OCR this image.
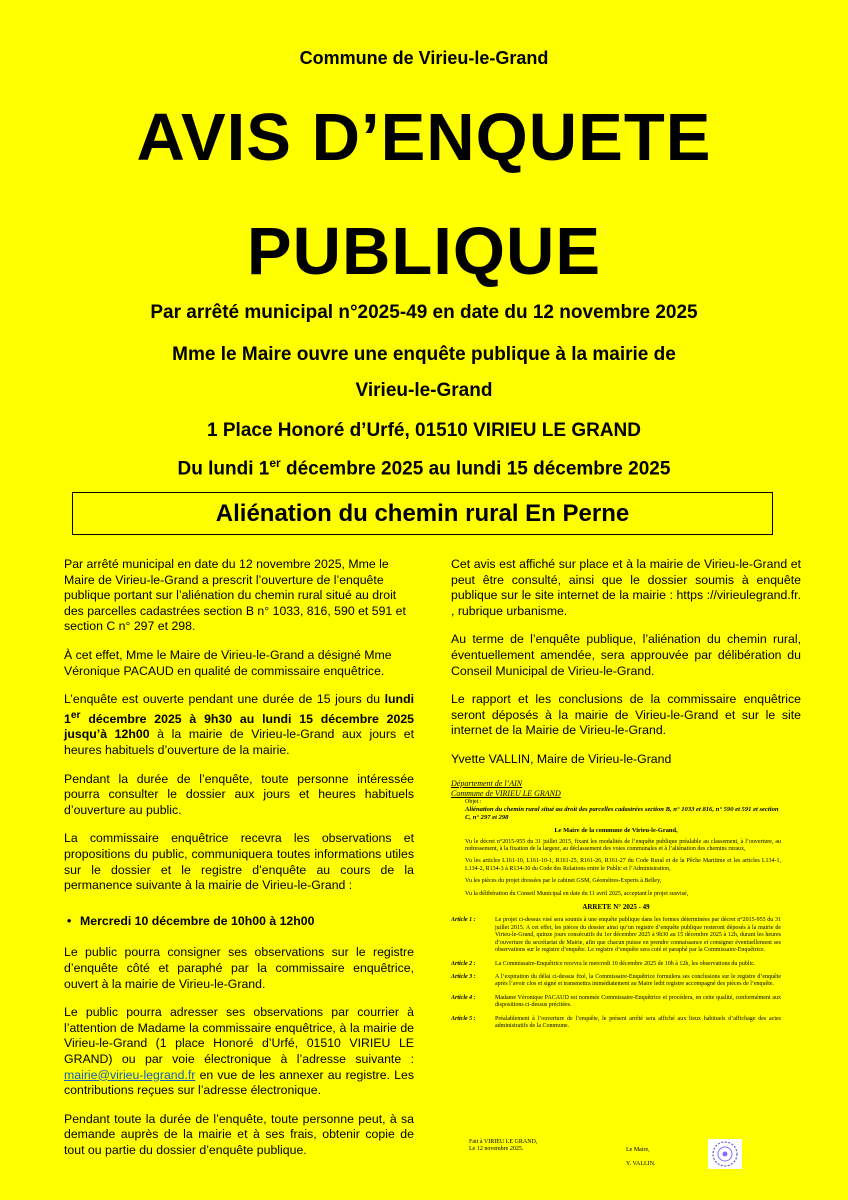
Commune de Virieu-le-Grand
AVIS D’ENQUETE
PUBLIQUE
Par arrêté municipal n°2025-49 en date du 12 novembre 2025
Mme le Maire ouvre une enquête publique à la mairie de
Virieu-le-Grand
1 Place Honoré d’Urfé, 01510 VIRIEU LE GRAND
Du lundi 1er décembre 2025 au lundi 15 décembre 2025
Aliénation du chemin rural En Perne

Par arrêté municipal en date du 12 novembre 2025, Mme le Maire de Virieu-le-Grand a prescrit l’ouverture de l’enquête publique portant sur l’aliénation du chemin rural situé au droit des parcelles cadastrées section B n° 1033, 816, 590 et 591 et section C n° 297 et 298.

À cet effet, Mme le Maire de Virieu-le-Grand a désigné Mme Véronique PACAUD en qualité de commissaire enquêtrice.

L’enquête est ouverte pendant une durée de 15 jours du lundi 1er décembre 2025 à 9h30 au lundi 15 décembre 2025 jusqu’à 12h00 à la mairie de Virieu-le-Grand aux jours et heures habituels d’ouverture de la mairie.

Pendant la durée de l’enquête, toute personne intéressée pourra consulter le dossier aux jours et heures habituels d’ouverture au public.

La commissaire enquêtrice recevra les observations et propositions du public, communiquera toutes informations utiles sur le dossier et le registre d’enquête au cours de la permanence suivante à la mairie de Virieu-le-Grand :

• Mercredi 10 décembre de 10h00 à 12h00

Le public pourra consigner ses observations sur le registre d’enquête côté et paraphé par la commissaire enquêtrice, ouvert à la mairie de Virieu-le-Grand.

Le public pourra adresser ses observations par courrier à l’attention de Madame la commissaire enquêtrice, à la mairie de Virieu-le-Grand (1 place Honoré d’Urfé, 01510 VIRIEU LE GRAND) ou par voie électronique à l’adresse suivante : mairie@virieu-legrand.fr en vue de les annexer au registre. Les contributions reçues sur l’adresse électronique.

Pendant toute la durée de l’enquête, toute personne peut, à sa demande auprès de la mairie et à ses frais, obtenir copie de tout ou partie du dossier d’enquête publique.

Cet avis est affiché sur place et à la mairie de Virieu-le-Grand et peut être consulté, ainsi que le dossier soumis à enquête publique sur le site internet de la mairie : https ://virieulegrand.fr. , rubrique urbanisme.

Au terme de l’enquête publique, l’aliénation du chemin rural, éventuellement amendée, sera approuvée par délibération du Conseil Municipal de Virieu-le-Grand.

Le rapport et les conclusions de la commissaire enquêtrice seront déposés à la mairie de Virieu-le-Grand et sur le site internet de la Mairie de Virieu-le-Grand.

Yvette VALLIN, Maire de Virieu-le-Grand

Département de l’AIN
Commune de VIRIEU LE GRAND
Objet :
Aliénation du chemin rural situé au droit des parcelles cadastrées section B, n° 1033 et 816, n° 590 et 591 et section C, n° 297 et 298
Le Maire de la commune de Virieu-le-Grand,
Vu le décret n°2015-955 du 31 juillet 2015, fixant les modalités de l’enquête publique préalable au classement, à l’ouverture, au redressement, à la fixation de la largeur, au déclassement des voies communales et à l’aliénation des chemins ruraux,
Vu les articles L161-10, L161-10-1, R161-25, R161-26, R161-27 du Code Rural et de la Pêche Maritime et les articles L134-1, L134-2, R134-3 à R134-30 du Code des Relations entre le Public et l’Administration,
Vu les pièces du projet dressées par le cabinet GSM, Géomètres-Experts à Belley,
Vu la délibération du Conseil Municipal en date du 11 avril 2025, acceptant le projet susvisé,
ARRETE N° 2025 - 49
Article 1 :	Le projet ci-dessus visé sera soumis à une enquête publique dans les formes déterminées par décret n°2015-955 du 31 juillet 2015. A cet effet, les pièces du dossier ainsi qu’un registre d’enquête publique resteront déposés à la mairie de Virieu-le-Grand, quinze jours consécutifs du 1er décembre 2025 à 9h30 au 15 décembre 2025 à 12h, durant les heures d’ouverture du secrétariat de Mairie, afin que chacun puisse en prendre connaissance et consigner éventuellement ses observations sur le registre d’enquête. Le registre d’enquête sera coté et paraphé par la Commissaire-Enquêtrice.
Article 2 :	La Commissaire-Enquêtrice recevra le mercredi 10 décembre 2025 de 10h à 12h, les observations du public.
Article 3 :	A l’expiration du délai ci-dessus fixé, la Commissaire-Enquêtrice formulera ses conclusions sur le registre d’enquête après l’avoir clos et signé et transmettra immédiatement au Maire ledit registre accompagné des pièces de l’enquête.
Article 4 :	Madame Véronique PACAUD est nommée Commissaire-Enquêtrice et procédera, en cette qualité, conformément aux dispositions ci-dessus précitées.
Article 5 :	Préalablement à l’ouverture de l’enquête, le présent arrêté sera affiché aux lieux habituels d’affichage des actes administratifs de la Commune.
Fait à VIRIEU LE GRAND,
Le 12 novembre 2025.	Le Maire,
Y. VALLIN.
